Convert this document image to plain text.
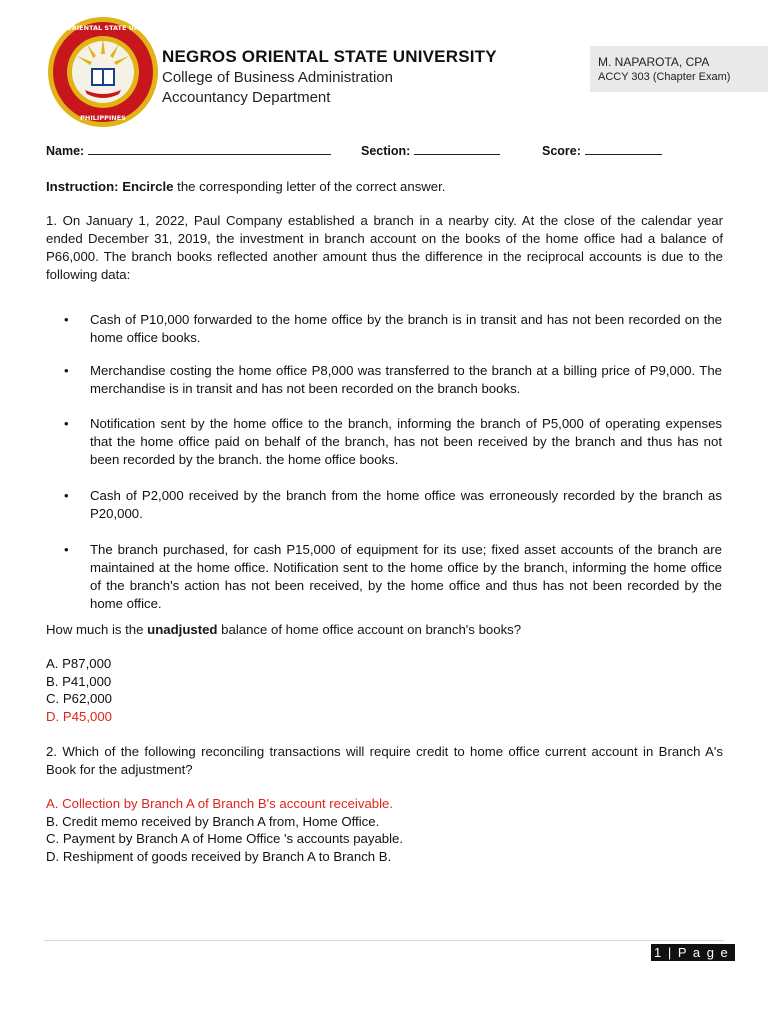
NEGROS ORIENTAL STATE UNIVERSITY
PHILIPPINES

NEGROS ORIENTAL STATE UNIVERSITY

College of Business Administration

Accountancy Department

M. NAPAROTA, CPA
ACCY 303 (Chapter Exam)
Name:	Section:	Score:
Instruction: Encircle the corresponding letter of the correct answer.
1. On January 1, 2022, Paul Company established a branch in a nearby city. At the close of the calendar year ended December 31, 2019, the investment in branch account on the books of the home office had a balance of P66,000. The branch books reflected another amount thus the difference in the reciprocal accounts is due to the following data:
•	Cash of P10,000 forwarded to the home office by the branch is in transit and has not been recorded on the home office books.
•	Merchandise costing the home office P8,000 was transferred to the branch at a billing price of P9,000. The merchandise is in transit and has not been recorded on the branch books.
•	Notification sent by the home office to the branch, informing the branch of P5,000 of operating expenses that the home office paid on behalf of the branch, has not been received by the branch and thus has not been recorded by the branch. the home office books.
•	Cash of P2,000 received by the branch from the home office was erroneously recorded by the branch as P20,000.
•	The branch purchased, for cash P15,000 of equipment for its use; fixed asset accounts of the branch are maintained at the home office. Notification sent to the home office by the branch, informing the home office of the branch's action has not been received, by the home office and thus has not been recorded by the home office.
How much is the unadjusted balance of home office account on branch's books?
A. P87,000
B. P41,000
C. P62,000
D. P45,000
2. Which of the following reconciling transactions will require credit to home office current account in Branch A's Book for the adjustment?
A. Collection by Branch A of Branch B's account receivable.
B. Credit memo received by Branch A from, Home Office.
C. Payment by Branch A of Home Office 's accounts payable.
D. Reshipment of goods received by Branch A to Branch B.
1 | P a g e
